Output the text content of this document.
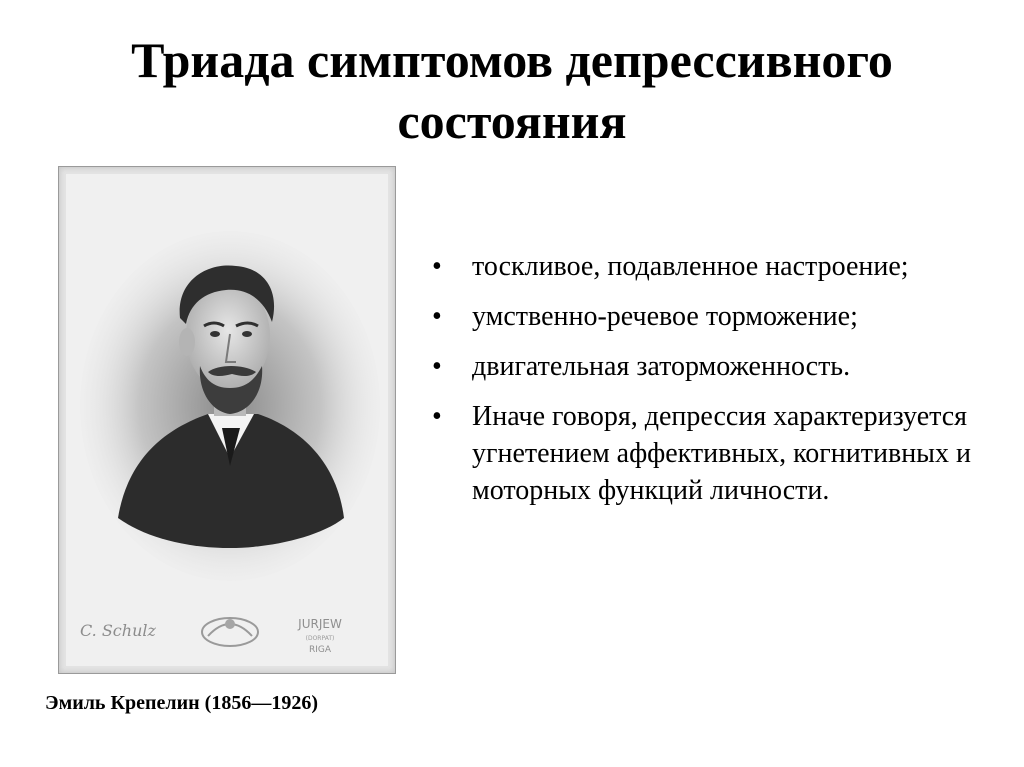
Триада симптомов депрессивного состояния
C. Schulz	JURJEW
(DORPAT)
RIGA
Эмиль Крепелин (1856—1926)
• тоскливое, подавленное настроение;
• умственно-речевое торможение;
• двигательная заторможенность.
• Иначе говоря, депрессия характеризуется угнетением аффективных, когнитивных и моторных функций личности.
